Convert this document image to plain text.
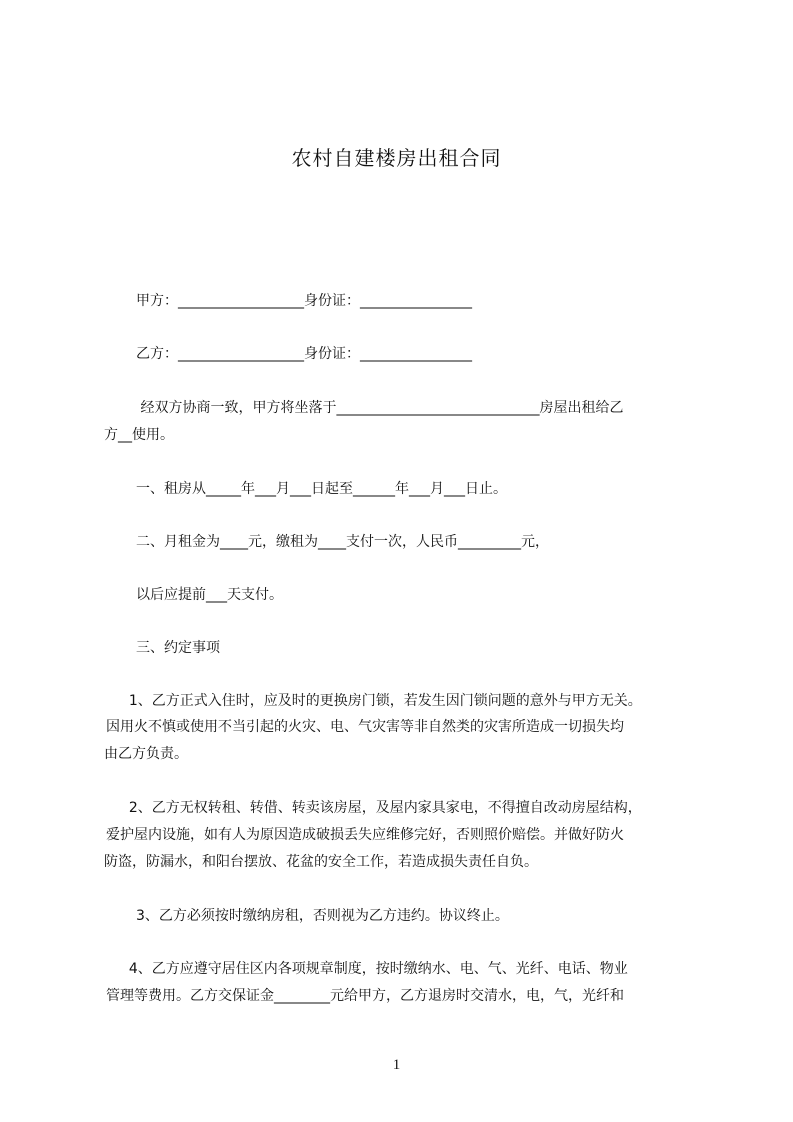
农村自建楼房出租合同
甲方：__________________身份证：________________
乙方：__________________身份证：________________
经双方协商一致，甲方将坐落于_____________________________房屋出租给乙
方__使用。
一、租房从_____年___月___日起至______年___月___日止。
二、月租金为____元，缴租为____支付一次，人民币_________元，
以后应提前___天支付。
三、约定事项
1、乙方正式入住时，应及时的更换房门锁，若发生因门锁问题的意外与甲方无关。
因用火不慎或使用不当引起的火灾、电、气灾害等非自然类的灾害所造成一切损失均
由乙方负责。
2、乙方无权转租、转借、转卖该房屋，及屋内家具家电，不得擅自改动房屋结构，
爱护屋内设施，如有人为原因造成破损丢失应维修完好，否则照价赔偿。并做好防火
防盗，防漏水，和阳台摆放、花盆的安全工作，若造成损失责任自负。
3、乙方必须按时缴纳房租，否则视为乙方违约。协议终止。
4、乙方应遵守居住区内各项规章制度，按时缴纳水、电、气、光纤、电话、物业
管理等费用。乙方交保证金________元给甲方，乙方退房时交清水，电，气，光纤和
1
